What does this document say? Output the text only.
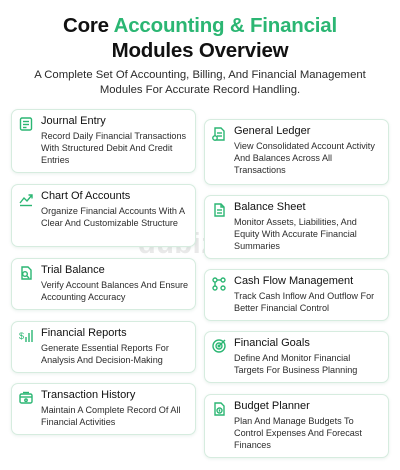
Core Accounting & Financial
Modules Overview
A Complete Set Of Accounting, Billing, And Financial Management Modules For Accurate Record Handling.
Journal Entry
Record Daily Financial Transactions With Structured Debit And Credit Entries
Chart Of Accounts
Organize Financial Accounts With A Clear And Customizable Structure
Trial Balance
Verify Account Balances And Ensure Accounting Accuracy
$ Financial Reports
Generate Essential Reports For Analysis And Decision-Making
Transaction History
Maintain A Complete Record Of All Financial Activities
General Ledger
View Consolidated Account Activity And Balances Across All Transactions
Balance Sheet
Monitor Assets, Liabilities, And Equity With Accurate Financial Summaries
Cash Flow Management
Track Cash Inflow And Outflow For Better Financial Control
Financial Goals
Define And Monitor Financial Targets For Business Planning
Budget Planner
Plan And Manage Budgets To Control Expenses And Forecast Finances
